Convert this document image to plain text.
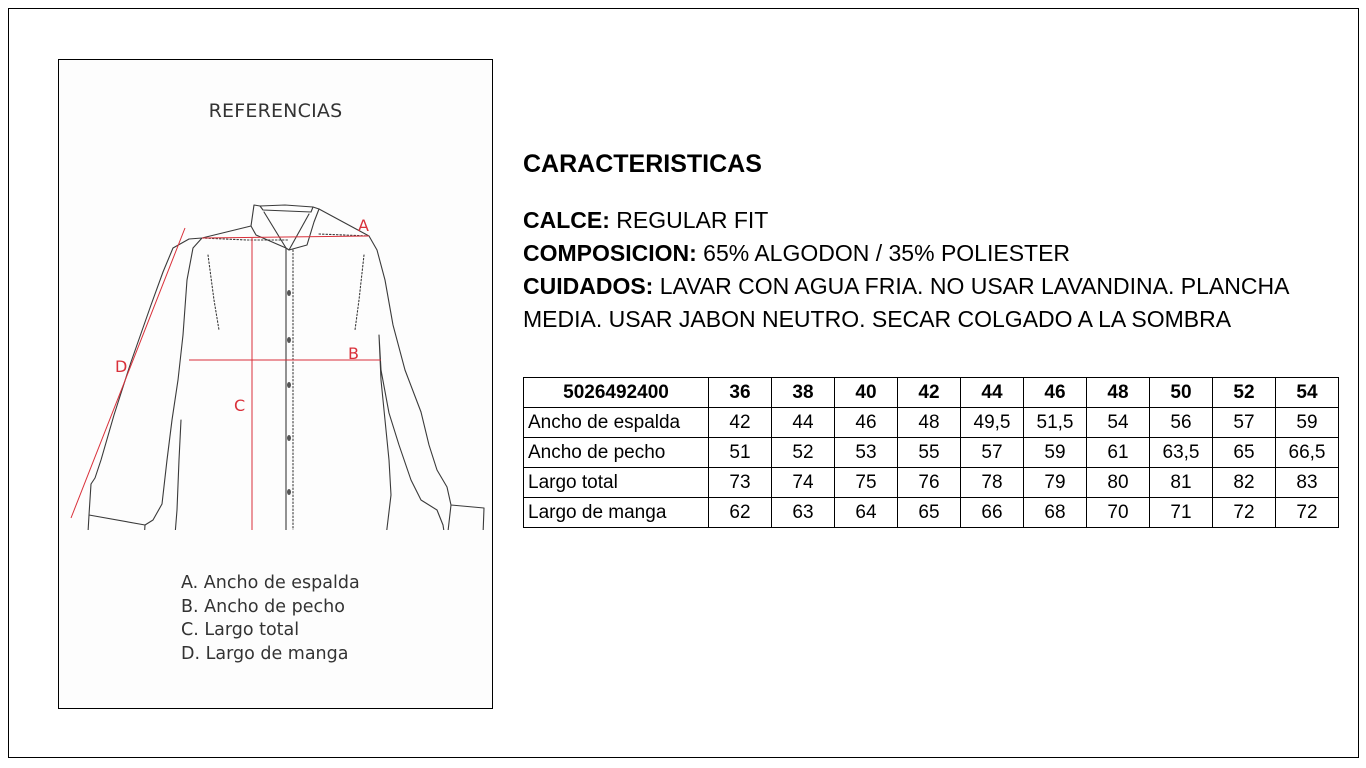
REFERENCIAS
A
B
C
D
A. Ancho de espalda
B. Ancho de pecho
C. Largo total
D. Largo de manga
CARACTERISTICAS
CALCE: REGULAR FIT
COMPOSICION: 65% ALGODON / 35% POLIESTER
CUIDADOS: LAVAR CON AGUA FRIA. NO USAR LAVANDINA. PLANCHA MEDIA. USAR JABON NEUTRO. SECAR COLGADO A LA SOMBRA
5026492400	36	38	40	42	44	46	48	50	52	54
Ancho de espalda	42	44	46	48	49,5	51,5	54	56	57	59
Ancho de pecho	51	52	53	55	57	59	61	63,5	65	66,5
Largo total	73	74	75	76	78	79	80	81	82	83
Largo de manga	62	63	64	65	66	68	70	71	72	72
